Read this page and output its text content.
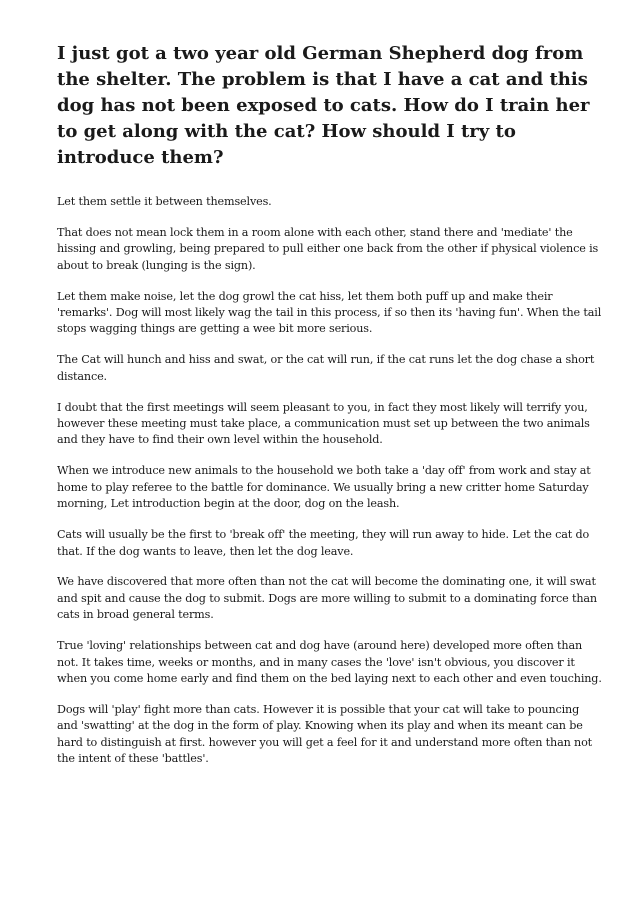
I just got a two year old German Shepherd dog from the shelter. The problem is that I have a cat and this dog has not been exposed to cats. How do I train her to get along with the cat? How should I try to introduce them?

Let them settle it between themselves.

That does not mean lock them in a room alone with each other, stand there and 'mediate' the hissing and growling, being prepared to pull either one back from the other if physical violence is about to break (lunging is the sign).

Let them make noise, let the dog growl the cat hiss, let them both puff up and make their 'remarks'. Dog will most likely wag the tail in this process, if so then its 'having fun'. When the tail stops wagging things are getting a wee bit more serious.

The Cat will hunch and hiss and swat, or the cat will run, if the cat runs let the dog chase a short distance.

I doubt that the first meetings will seem pleasant to you, in fact they most likely will terrify you, however these meeting must take place, a communication must set up between the two animals and they have to find their own level within the household.

When we introduce new animals to the household we both take a 'day off' from work and stay at home to play referee to the battle for dominance. We usually bring a new critter home Saturday morning, Let introduction begin at the door, dog on the leash.

Cats will usually be the first to 'break off' the meeting, they will run away to hide. Let the cat do that. If the dog wants to leave, then let the dog leave.

We have discovered that more often than not the cat will become the dominating one, it will swat and spit and cause the dog to submit. Dogs are more willing to submit to a dominating force than cats in broad general terms.

True 'loving' relationships between cat and dog have (around here) developed more often than not. It takes time, weeks or months, and in many cases the 'love' isn't obvious, you discover it when you come home early and find them on the bed laying next to each other and even touching.

Dogs will 'play' fight more than cats. However it is possible that your cat will take to pouncing and 'swatting' at the dog in the form of play. Knowing when its play and when its meant can be hard to distinguish at first. however you will get a feel for it and understand more often than not the intent of these 'battles'.
